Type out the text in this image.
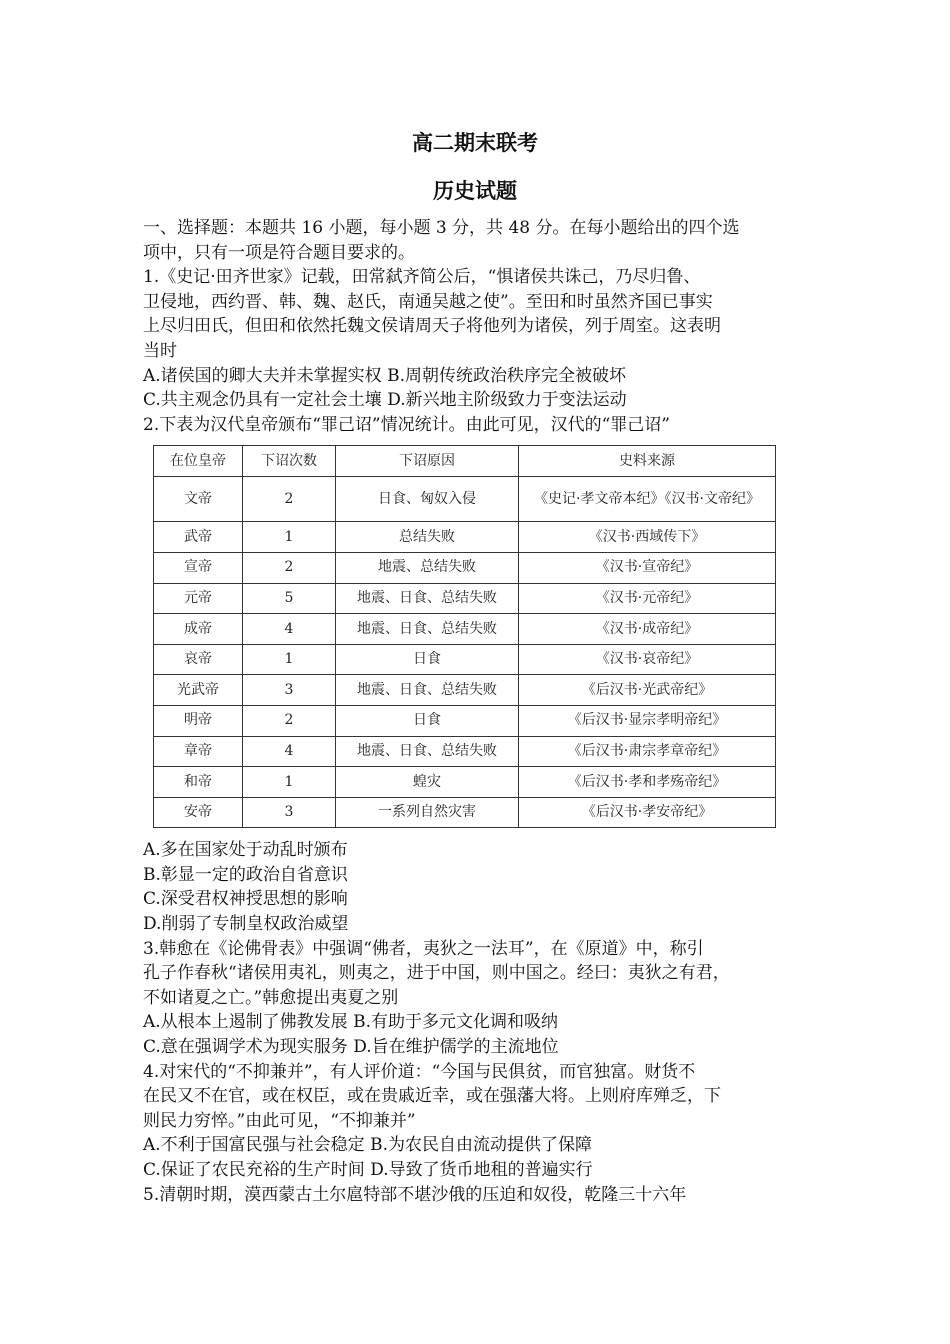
高二期末联考
历史试题

一、选择题：本题共 16 小题，每小题 3 分，共 48 分。在每小题给出的四个选

项中，只有一项是符合题目要求的。

1.《史记·田齐世家》记载，田常弑齐简公后，“惧诸侯共诛己，乃尽归鲁、

卫侵地，西约晋、韩、魏、赵氏，南通吴越之使”。至田和时虽然齐国已事实

上尽归田氏，但田和依然托魏文侯请周天子将他列为诸侯，列于周室。这表明

当时

A.诸侯国的卿大夫并未掌握实权 B.周朝传统政治秩序完全被破坏

C.共主观念仍具有一定社会土壤 D.新兴地主阶级致力于变法运动

2.下表为汉代皇帝颁布“罪己诏”情况统计。由此可见，汉代的“罪己诏”

在位皇帝	下诏次数	下诏原因	史料来源
文帝	2	日食、匈奴入侵	《史记·孝文帝本纪》《汉书·文帝纪》
武帝	1	总结失败	《汉书·西域传下》
宣帝	2	地震、总结失败	《汉书·宣帝纪》
元帝	5	地震、日食、总结失败	《汉书·元帝纪》
成帝	4	地震、日食、总结失败	《汉书·成帝纪》
哀帝	1	日食	《汉书·哀帝纪》
光武帝	3	地震、日食、总结失败	《后汉书·光武帝纪》
明帝	2	日食	《后汉书·显宗孝明帝纪》
章帝	4	地震、日食、总结失败	《后汉书·肃宗孝章帝纪》
和帝	1	蝗灾	《后汉书·孝和孝殇帝纪》
安帝	3	一系列自然灾害	《后汉书·孝安帝纪》

A.多在国家处于动乱时颁布

B.彰显一定的政治自省意识

C.深受君权神授思想的影响

D.削弱了专制皇权政治威望

3.韩愈在《论佛骨表》中强调“佛者，夷狄之一法耳”，在《原道》中，称引

孔子作春秋“诸侯用夷礼，则夷之，进于中国，则中国之。经曰：夷狄之有君，

不如诸夏之亡。”韩愈提出夷夏之别

A.从根本上遏制了佛教发展 B.有助于多元文化调和吸纳

C.意在强调学术为现实服务 D.旨在维护儒学的主流地位

4.对宋代的“不抑兼并”，有人评价道：“今国与民俱贫，而官独富。财货不

在民又不在官，或在权臣，或在贵戚近幸，或在强藩大将。上则府库殚乏，下

则民力穷悴。”由此可见，“不抑兼并”

A.不利于国富民强与社会稳定 B.为农民自由流动提供了保障

C.保证了农民充裕的生产时间 D.导致了货币地租的普遍实行

5.清朝时期，漠西蒙古土尔扈特部不堪沙俄的压迫和奴役，乾隆三十六年
